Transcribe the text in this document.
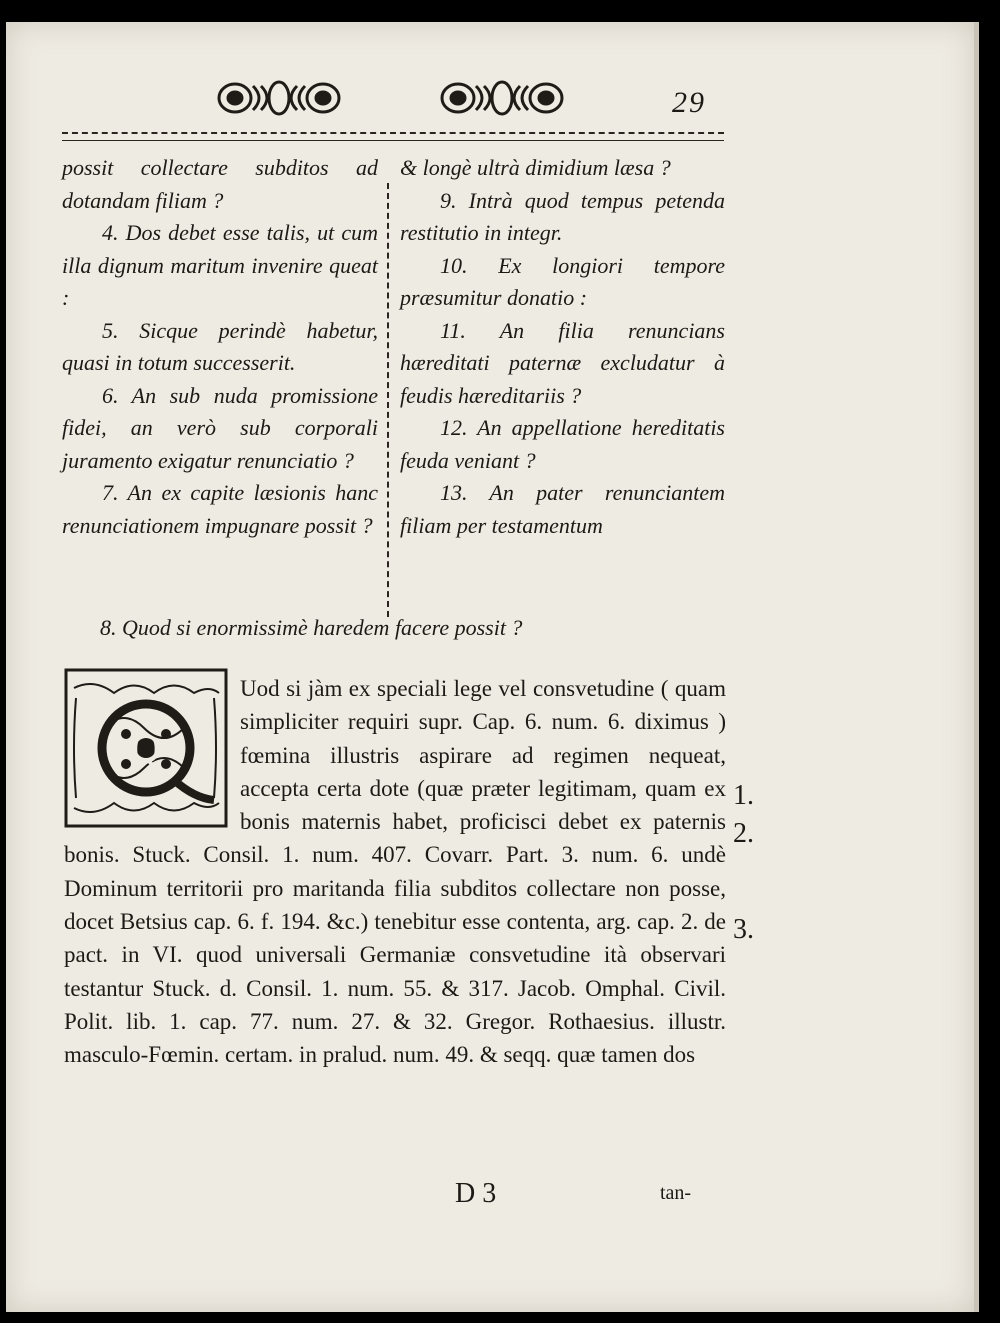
29

possit collectare subditos ad dotandam filiam ?

4. Dos debet esse talis, ut cum illa dignum maritum invenire queat :

5. Sicque perindè habetur, quasi in totum successerit.

6. An sub nuda promissione fidei, an verò sub corporali juramento exigatur renunciatio ?

7. An ex capite læsionis hanc renunciationem impugnare possit ?

& longè ultrà dimidium læsa ?

9. Intrà quod tempus petenda restitutio in integr.

10. Ex longiori tempore præsumitur donatio :

11. An filia renuncians hæreditati paternæ excludatur à feudis hæreditariis ?

12. An appellatione hereditatis feuda veniant ?

13. An pater renunciantem filiam per testamentum

8. Quod si enormissimè haredem facere possit ?
Q

Uod si jàm ex speciali lege vel consvetudine ( quam simpliciter requiri supr. Cap. 6. num. 6. diximus ) fœmina illustris aspirare ad regimen nequeat, accepta certa dote (quæ præter legitimam, quam ex bonis maternis habet, proficisci debet ex paternis bonis. Stuck. Consil. 1. num. 407. Covarr. Part. 3. num. 6. undè Dominum territorii pro maritanda filia subditos collectare non posse, docet Betsius cap. 6. f. 194. &c.) tenebitur esse contenta, arg. cap. 2. de pact. in VI. quod universali Germaniæ consvetudine ità observari testantur Stuck. d. Consil. 1. num. 55. & 317. Jacob. Omphal. Civil. Polit. lib. 1. cap. 77. num. 27. & 32. Gregor. Rothaesius. illustr. masculo-Fœmin. certam. in pralud. num. 49. & seqq. quæ tamen dos

1.
2.
3.
D 3	tan-
